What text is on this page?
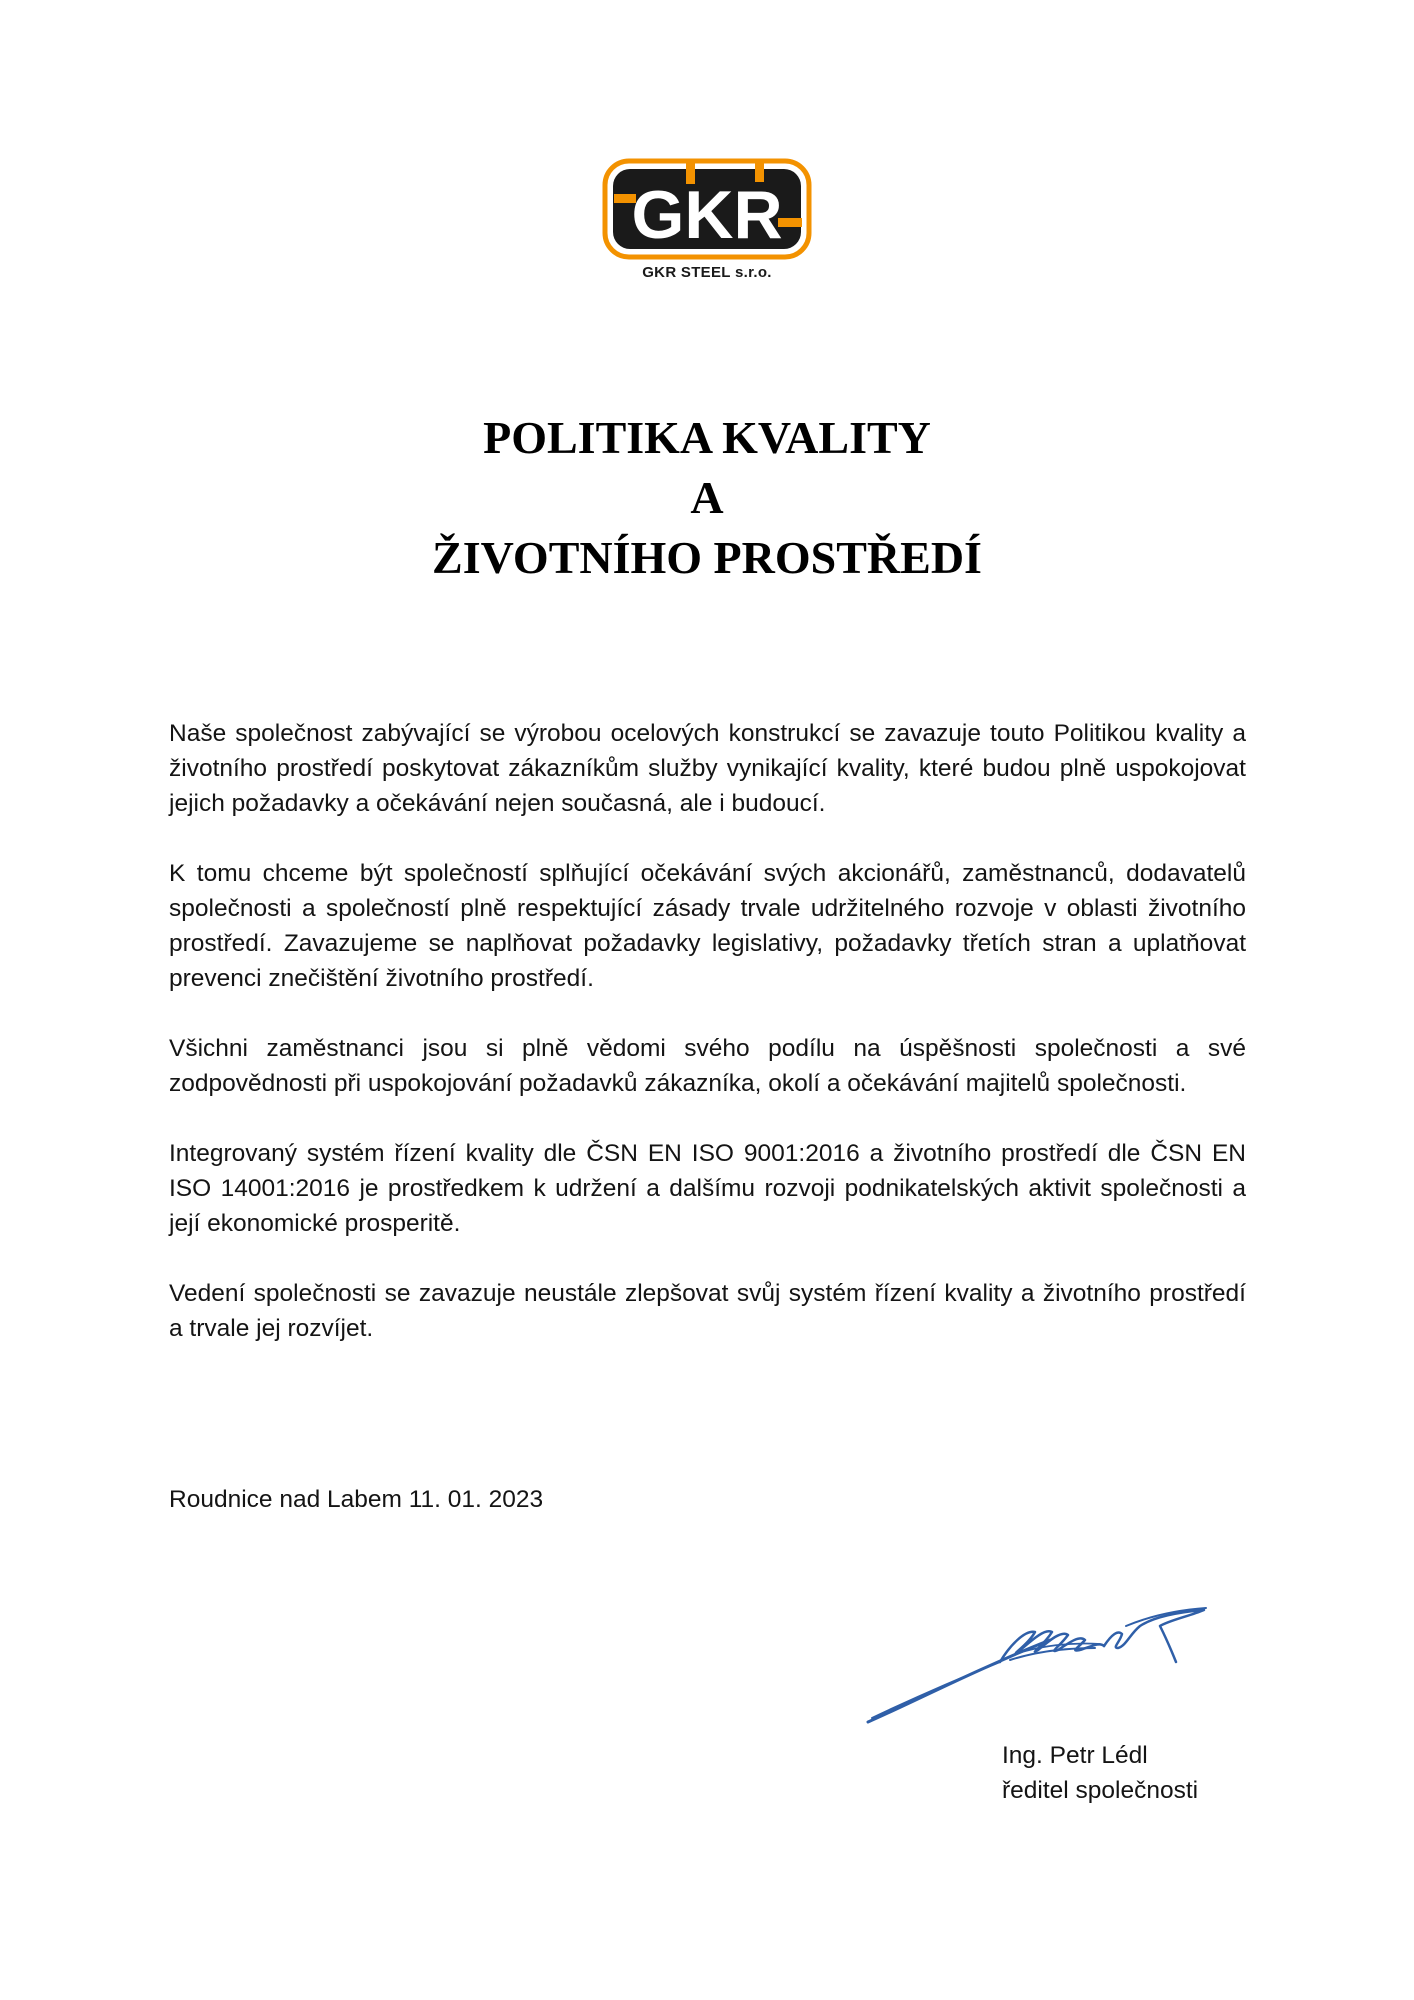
GKR
GKR STEEL s.r.o.
POLITIKA KVALITY
A
ŽIVOTNÍHO PROSTŘEDÍ

Naše společnost zabývající se výrobou ocelových konstrukcí se zavazuje touto Politikou kvality a životního prostředí poskytovat zákazníkům služby vynikající kvality, které budou plně uspokojovat jejich požadavky a očekávání nejen současná, ale i budoucí.

K tomu chceme být společností splňující očekávání svých akcionářů, zaměstnanců, dodavatelů společnosti a společností plně respektující zásady trvale udržitelného rozvoje v oblasti životního prostředí. Zavazujeme se naplňovat požadavky legislativy, požadavky třetích stran a uplatňovat prevenci znečištění životního prostředí.

Všichni zaměstnanci jsou si plně vědomi svého podílu na úspěšnosti společnosti a své zodpovědnosti při uspokojování požadavků zákazníka, okolí a očekávání majitelů společnosti.

Integrovaný systém řízení kvality dle ČSN EN ISO 9001:2016 a životního prostředí dle ČSN EN ISO 14001:2016 je prostředkem k udržení a dalšímu rozvoji podnikatelských aktivit společnosti a její ekonomické prosperitě.

Vedení společnosti se zavazuje neustále zlepšovat svůj systém řízení kvality a životního prostředí a trvale jej rozvíjet.

Roudnice nad Labem 11. 01. 2023
Ing. Petr Lédl
ředitel společnosti
